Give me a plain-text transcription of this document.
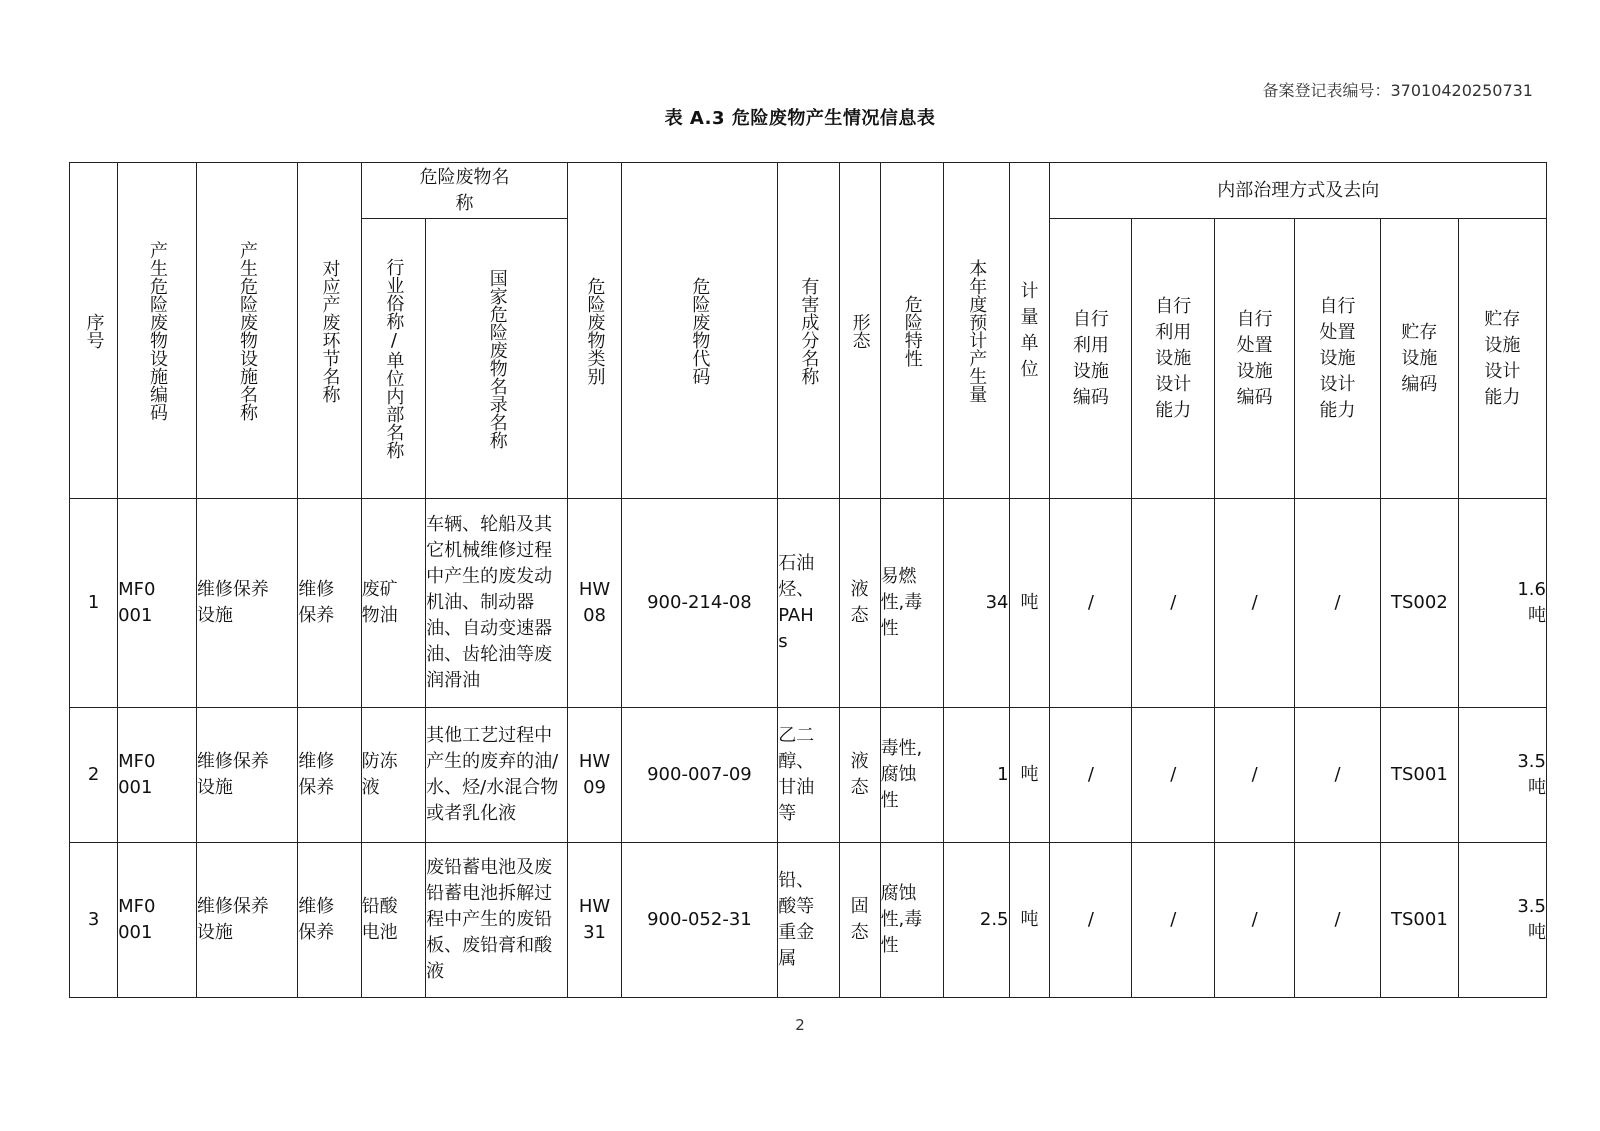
备案登记表编号：37010420250731
表 A.3 危险废物产生情况信息表
序号	产生危险废物设施编码	产生危险废物设施名称	对应产废环节名称	危险废物名称		危险废物类别	危险废物代码	有害成分名称	形态	危险特性	本年度预计产生量	计量单位	内部治理方式及去向					

				行业俗称/单位内部名称	国家危险废物名录名称								自行利用设施编码	自行利用设施设计能力	自行处置设施编码	自行处置设施设计能力	贮存设施编码	贮存设施设计能力

1	MF0001	维修保养设施	维修保养	废矿物油	车辆、轮船及其它机械维修过程中产生的废发动机油、制动器油、自动变速器油、齿轮油等废润滑油	HW08	900-214-08	石油烃、PAHs	液态	易燃性,毒性	34	吨	/	/	/	/	TS002	1.6吨

2	MF0001	维修保养设施	维修保养	防冻液	其他工艺过程中产生的废弃的油/水、烃/水混合物或者乳化液	HW09	900-007-09	乙二醇、甘油等	液态	毒性,腐蚀性	1	吨	/	/	/	/	TS001	3.5吨

3	MF0001	维修保养设施	维修保养	铅酸电池	废铅蓄电池及废铅蓄电池拆解过程中产生的废铅板、废铅膏和酸液	HW31	900-052-31	铅、酸等重金属	固态	腐蚀性,毒性	2.5	吨	/	/	/	/	TS001	3.5吨
2
